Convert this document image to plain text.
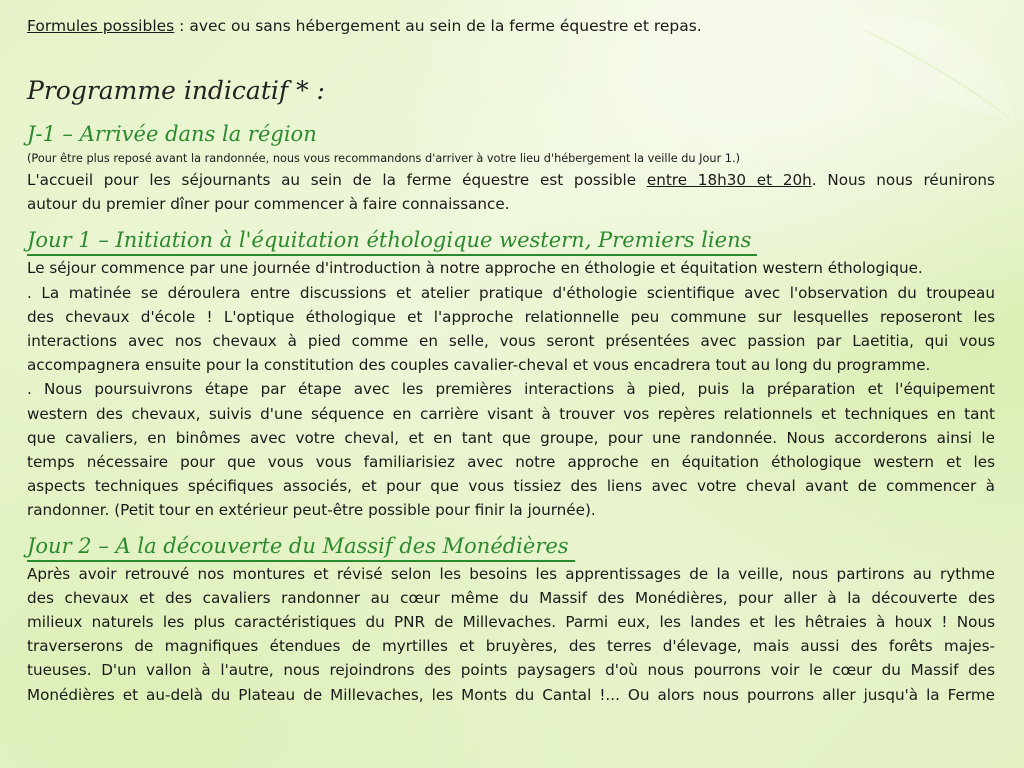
Formules possibles : avec ou sans hébergement au sein de la ferme équestre et repas.
Programme indicatif * :
J-1 – Arrivée dans la région
(Pour être plus reposé avant la randonnée, nous vous recommandons d'arriver à votre lieu d'hébergement la veille du Jour 1.)
L'accueil pour les séjournants au sein de la ferme équestre est possible entre 18h30 et 20h. Nous nous réunirons
autour du premier dîner pour commencer à faire connaissance.
Jour 1 – Initiation à l'équitation éthologique western, Premiers liens
Le séjour commence par une journée d'introduction à notre approche en éthologie et équitation western éthologique.
. La matinée se déroulera entre discussions et atelier pratique d'éthologie scientifique avec l'observation du troupeau
des chevaux d'école ! L'optique éthologique et l'approche relationnelle peu commune sur lesquelles reposeront les
interactions avec nos chevaux à pied comme en selle, vous seront présentées avec passion par Laetitia, qui vous
accompagnera ensuite pour la constitution des couples cavalier-cheval et vous encadrera tout au long du programme.
. Nous poursuivrons étape par étape avec les premières interactions à pied, puis la préparation et l'équipement
western des chevaux, suivis d'une séquence en carrière visant à trouver vos repères relationnels et techniques en tant
que cavaliers, en binômes avec votre cheval, et en tant que groupe, pour une randonnée. Nous accorderons ainsi le
temps nécessaire pour que vous vous familiarisiez avec notre approche en équitation éthologique western et les
aspects techniques spécifiques associés, et pour que vous tissiez des liens avec votre cheval avant de commencer à
randonner. (Petit tour en extérieur peut-être possible pour finir la journée).
Jour 2 – A la découverte du Massif des Monédières
Après avoir retrouvé nos montures et révisé selon les besoins les apprentissages de la veille, nous partirons au rythme
des chevaux et des cavaliers randonner au cœur même du Massif des Monédières, pour aller à la découverte des
milieux naturels les plus caractéristiques du PNR de Millevaches. Parmi eux, les landes et les hêtraies à houx ! Nous
traverserons de magnifiques étendues de myrtilles et bruyères, des terres d'élevage, mais aussi des forêts majes-
tueuses. D'un vallon à l'autre, nous rejoindrons des points paysagers d'où nous pourrons voir le cœur du Massif des
Monédières et au-delà du Plateau de Millevaches, les Monts du Cantal !... Ou alors nous pourrons aller jusqu'à la Ferme
